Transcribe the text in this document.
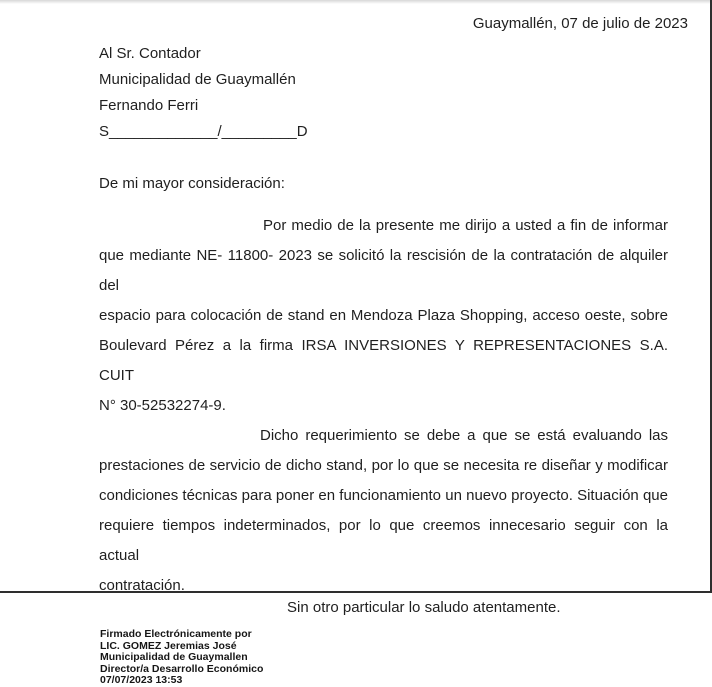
Guaymallén, 07 de julio de 2023
Al Sr. Contador
Municipalidad de Guaymallén
Fernando Ferri
S_____________/_________D
De mi mayor consideración:
Por medio de la presente me dirijo a usted a fin de informar
que mediante NE- 11800- 2023 se solicitó la rescisión de la contratación de alquiler del
espacio para colocación de stand en Mendoza Plaza Shopping, acceso oeste, sobre
Boulevard Pérez a la firma IRSA INVERSIONES Y REPRESENTACIONES S.A. CUIT
N° 30-52532274-9.
Dicho requerimiento se debe a que se está evaluando las
prestaciones de servicio de dicho stand, por lo que se necesita re diseñar y modificar
condiciones técnicas para poner en funcionamiento un nuevo proyecto. Situación que
requiere tiempos indeterminados, por lo que creemos innecesario seguir con la actual
contratación.
Sin otro particular lo saludo atentamente.
Firmado Electrónicamente por
LIC. GOMEZ Jeremias José
Municipalidad de Guaymallen
Director/a Desarrollo Económico
07/07/2023 13:53
